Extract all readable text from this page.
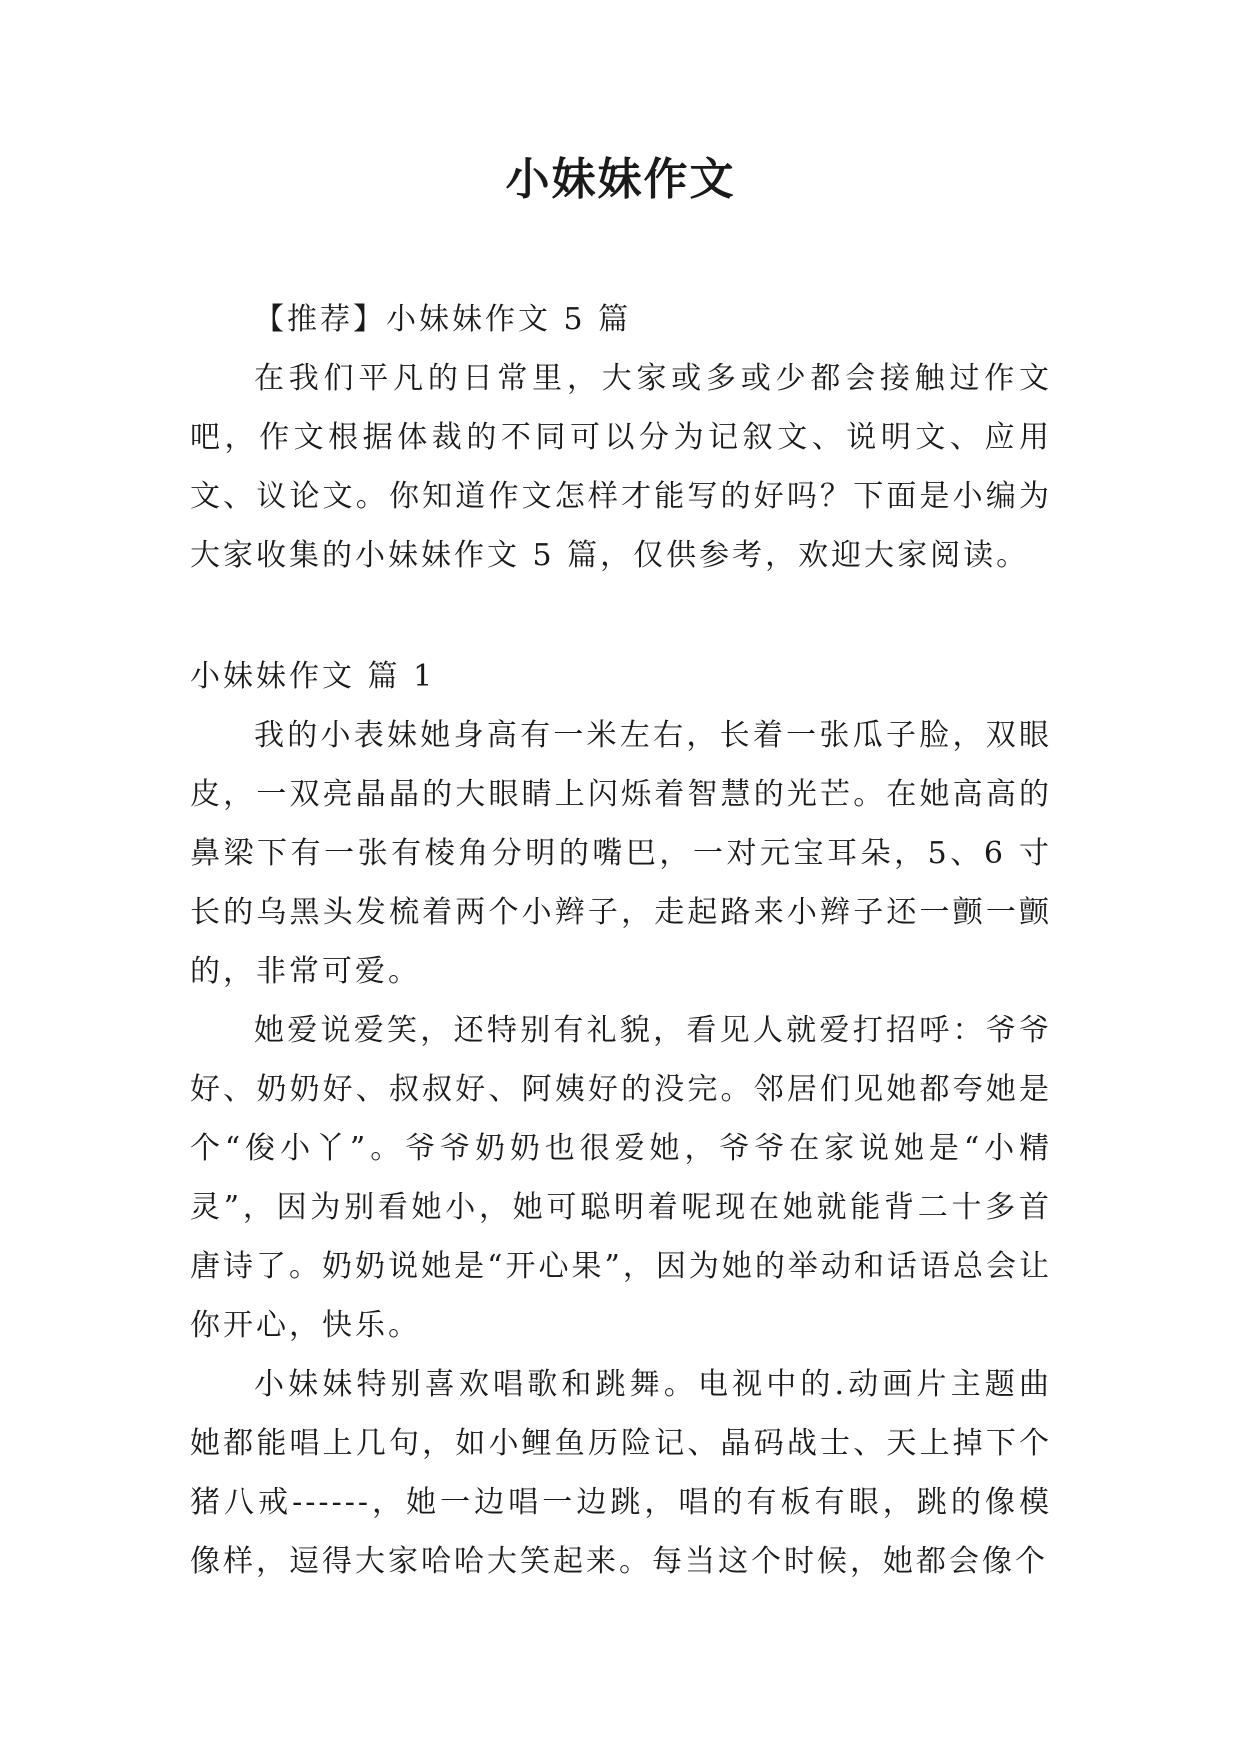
小妹妹作文

【推荐】小妹妹作文 5 篇

在我们平凡的日常里，大家或多或少都会接触过作文吧，作文根据体裁的不同可以分为记叙文、说明文、应用文、议论文。你知道作文怎样才能写的好吗？下面是小编为大家收集的小妹妹作文 5 篇，仅供参考，欢迎大家阅读。

小妹妹作文 篇 1

我的小表妹她身高有一米左右，长着一张瓜子脸，双眼皮，一双亮晶晶的大眼睛上闪烁着智慧的光芒。在她高高的鼻梁下有一张有棱角分明的嘴巴，一对元宝耳朵，5、6 寸长的乌黑头发梳着两个小辫子，走起路来小辫子还一颤一颤的，非常可爱。

她爱说爱笑，还特别有礼貌，看见人就爱打招呼：爷爷好、奶奶好、叔叔好、阿姨好的没完。邻居们见她都夸她是个“俊小丫”。爷爷奶奶也很爱她，爷爷在家说她是“小精灵”，因为别看她小，她可聪明着呢现在她就能背二十多首唐诗了。奶奶说她是“开心果”，因为她的举动和话语总会让你开心，快乐。

小妹妹特别喜欢唱歌和跳舞。电视中的.动画片主题曲她都能唱上几句，如小鲤鱼历险记、晶码战士、天上掉下个猪八戒------，她一边唱一边跳，唱的有板有眼，跳的像模像样，逗得大家哈哈大笑起来。每当这个时候，她都会像个
